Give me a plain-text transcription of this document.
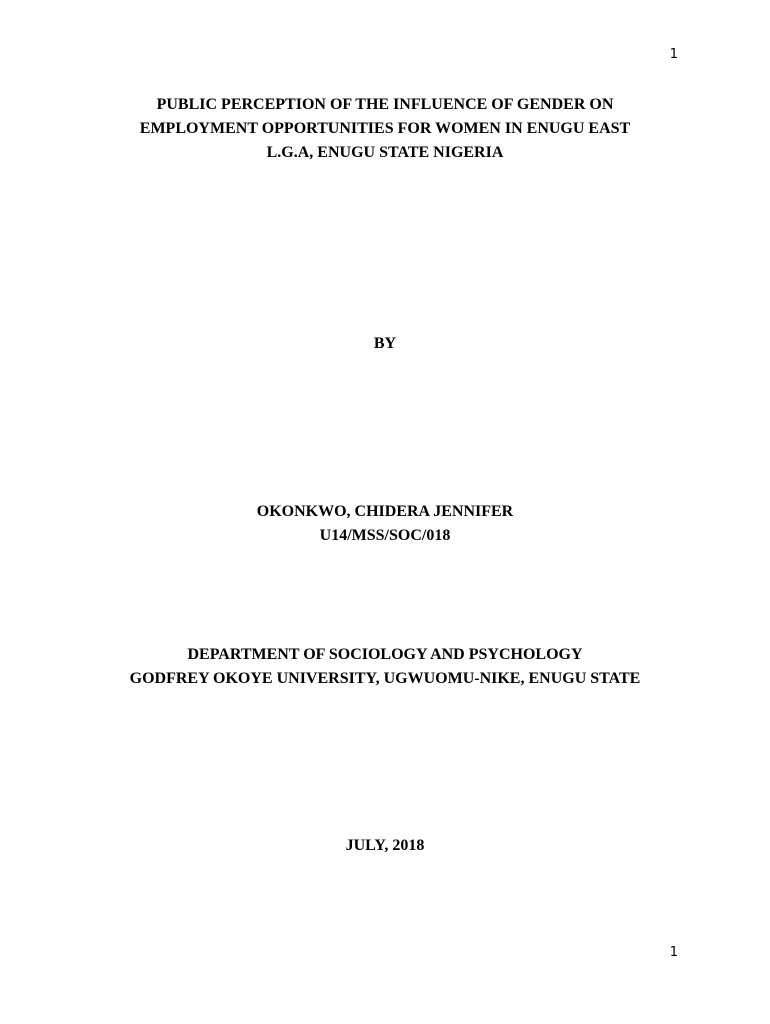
1
PUBLIC PERCEPTION OF THE INFLUENCE OF GENDER ON
EMPLOYMENT OPPORTUNITIES FOR WOMEN IN ENUGU EAST
L.G.A, ENUGU STATE NIGERIA
BY
OKONKWO, CHIDERA JENNIFER
U14/MSS/SOC/018
DEPARTMENT OF SOCIOLOGY AND PSYCHOLOGY
GODFREY OKOYE UNIVERSITY, UGWUOMU-NIKE, ENUGU STATE
JULY, 2018
1
